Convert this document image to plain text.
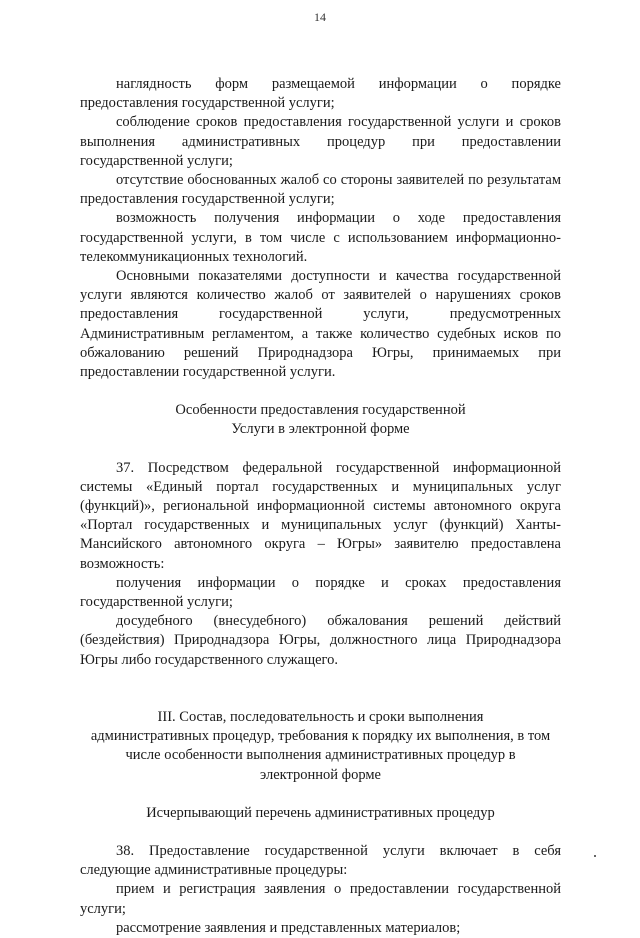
14

наглядность форм размещаемой информации о порядке предоставления государственной услуги;

соблюдение сроков предоставления государственной услуги и сроков выполнения административных процедур при предоставлении государственной услуги;

отсутствие обоснованных жалоб со стороны заявителей по результатам предоставления государственной услуги;

возможность получения информации о ходе предоставления государственной услуги, в том числе с использованием информационно-телекоммуникационных технологий.

Основными показателями доступности и качества государственной услуги являются количество жалоб от заявителей о нарушениях сроков предоставления государственной услуги, предусмотренных Административным регламентом, а также количество судебных исков по обжалованию решений Природнадзора Югры, принимаемых при предоставлении государственной услуги.

Особенности предоставления государственной

Услуги в электронной форме

37. Посредством федеральной государственной информационной системы «Единый портал государственных и муниципальных услуг (функций)», региональной информационной системы автономного округа «Портал государственных и муниципальных услуг (функций) Ханты-Мансийского автономного округа – Югры» заявителю предоставлена возможность:

получения информации о порядке и сроках предоставления государственной услуги;

досудебного (внесудебного) обжалования решений действий (бездействия) Природнадзора Югры, должностного лица Природнадзора Югры либо государственного служащего.

III. Состав, последовательность и сроки выполнения

административных процедур, требования к порядку их выполнения, в том

числе особенности выполнения административных процедур в

электронной форме

Исчерпывающий перечень административных процедур

38. Предоставление государственной услуги включает в себя следующие административные процедуры:

прием и регистрация заявления о предоставлении государственной услуги;

рассмотрение заявления и представленных материалов;
